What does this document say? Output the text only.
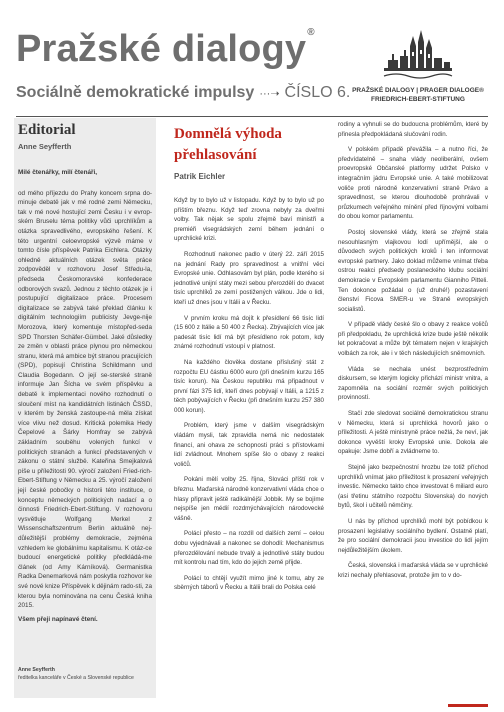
Pražské dialogy®
Sociálně demokratické impulsy ···➝ ČÍSLO 6. PRAŽSKÉ DIALOGY | PRAGER DIALOGE®
FRIEDRICH-EBERT-STIFTUNG
Editorial
Anne Seyfferth

Milé čtenářky, milí čtenáři,

od mého příjezdu do Prahy koncem srpna do-minuje debatě jak v mé rodné zemi Německu, tak v mé nové hostující zemi Česku i v evrop-ském Bruselu téma politiky vůči uprchlíkům a otázka spravedlivého, evropského řešení. K této urgentní celoevropské výzvě máme v tomto čísle příspěvek Patrika Eichlera. Otázky ohledně aktuálních otázek světa práce zodpověděl v rozhovoru Josef Středu-la, předseda Českomoravské konfederace odborových svazů. Jednou z těchto otázek je i postupující digitalizace práce. Procesem digitalizace se zabývá také překlad článku k digitálním technologiím publicisty Jevge-nije Morozova, který komentuje místopřed-seda SPD Thorsten Schäfer-Gümbel. Jaké důsledky ze změn v oblasti práce plynou pro německou stranu, která má ambice být stranou pracujících (SPD), popisují Christina Schildmann und Claudia Bogedann. O její se-sterské straně informuje Jan Šícha ve svém příspěvku a debatě k implementaci nového rozhodnutí o sloučení míst na kandidátních listinách ČSSD, v kterém by ženská zastoupe-ná měla získat více vlivu než dosud. Kritická polemika Hedy Čepelové a Šárky Homfray se zabývá základním souběhu volených funkcí v politických stranách a funkcí představených v zákonu o státní službě. Kateřina Smejkalová píše u příležitosti 90. výročí založení Fried-rich-Ebert-Stiftung v Německu a 25. výročí založení její české pobočky o historii této instituce, o konceptu německých politických nadací a o činnosti Friedrich-Ebert-Stiftung. V rozhovoru vysvětluje Wolfgang Merkel z Wissenschaftszentrum Berlin aktuálně nej-důležitější problémy demokracie, zejména vzhledem ke globálnímu kapitalismu. K otáz-ce budoucí energetické politiky předkládá-me článek (od Amy Kárníková). Germanistka Radka Denemarková nám poskytla rozhovor ke své nové knize Příspěvek k dějinám rado-sti, za kterou byla nominována na cenu Česká kniha 2015.

Všem přeji napínavé čtení.

Anne Seyfferth
ředitelka kanceláře v České a Slovenské republice
Domnělá výhoda přehlasování
Patrik Eichler

Když by to bylo už v listopadu. Když by to bylo už po příštím březnu. Když teď zrovna nebyly za dveřmi volby. Tak nějak se spolu zřejmě baví ministři a premiéři visegrádských zemí během jednání o uprchlické krizi.

Rozhodnutí nakonec padlo v úterý 22. září 2015 na jednání Rady pro spravedlnost a vnitřní věci Evropské unie. Odhlasovám byl plán, podle kterého si jednotlivé unijní státy mezi sebou přerozdělí do dvacet tisíc uprchlíků ze zemí postižených válkou. Jde o lidi, kteří už dnes jsou v Itálii a v Řecku.

V prvním kroku má dojít k přesídlení 66 tisíc lidí (15 600 z Itálie a 50 400 z Řecka). Zbývajících více jak padesát tisíc lidí má být přesídleno rok potom, kdy známé rozhodnutí vstoupí v platnost.

Na každého člověka dostane příslušný stát z rozpočtu EU částku 6000 euro (při dnešním kurzu 165 tisíc korun). Na Českou republiku má připadnout v první fázi 375 lidí, kteří dnes pobývají v Itálii, a 1215 z těch pobývajících v Řecku (při dnešním kurzu 257 380 000 korun).

Problém, který jsme v dalším visegrádským vládám mysli, tak zpravidla nemá nic nedostatek financí, ani ohava ze schopnosti práci s přístovkami lidí zvládnout. Mnohem spíše šlo o obavy z reakci voličů.

Pokáni mělí volby 25. října, Slováci příští rok v březnu. Maďarská národně konzervativní vláda chce o hlasy připravit ještě radikálnější Jobbik. My se bojíme nejspíše jen médií rozdmýchávajících národovecké vášně.

Polácí přesto – na rozdíl od dalších zemí – celou dobu vyjednávali a nakonec se dohodli: Mechanismus přerozdělování nebude trvalý a jednotlivé státy budou mít kontrolu nad tím, kdo do jejich země přijde.

Polácí to chtějí využít mimo jiné k tomu, aby ze sběrných táborů v Řecku a Itálii brali do Polska celé

rodiny a vyhnuli se do budoucna problémům, které by přinesla předpokládaná slučování rodin.

V polském případě převážila – a nutno říci, že předvídatelně – snaha vlády neoliberální, ovšem proevropské Občanské platformy udržet Polsko v integračním jádru Evropské unie. A také mobilizovat voliče proti národně konzervativní straně Právo a spravedlnost, se kterou dlouhodobě prohrávali v průzkumech veřejného mínění před říjnovými volbami do obou komor parlamentu.

Postoj slovenské vlády, která se zřejmě stala nesouhlasným vlajkovou lodí upřímější, ale o důvodech svých politických kroků i ten informovat evropské partnery. Jako doklad můžeme vnímat třeba ostrou reakci předsedy poslaneckého klubu sociální demokracie v Evropském parlamentu Gianniho Pitteli. Ten dokonce požádal o (už druhé!) pozastavení členství Ficova SMER-u ve Straně evropských socialistů.

V případě vlády české šlo o obavy z reakce voličů při předpokladu, že uprchlická krize bude ještě několik let pokračovat a může být tématem nejen v krajských volbách za rok, ale i v těch následujících sněmovních.

Vláda se nechala unést bezprostředním diskursem, se kterým logicky přichází ministr vnitra, a zapomněla na sociální rozměr svých politických provinností.

Stačí zde sledovat sociálně demokratickou stranu v Německu, která si uprchlická hovorů jako o příležitosti. A ještě ministryně práce nežlá, že neví, jak dokonce vyvěští kroky Evropské unie. Dokola ale opakuje: Jsme dobří a zvládneme to.

Stejně jako bezpečnostní hrozbu lze totiž příchod uprchlíků vnímat jako příležitost k prosazení veřejných investic. Německo takto chce investovat 6 miliard euro (asi třetinu státního rozpočtu Slovenska) do nových bytů, škol i učitelů němčiny.

U nás by příchod uprchlíků mohl být pobídkou k prosazení legislativy sociálního bydlení. Ostatně platí, že pro sociální demokracii jsou investice do lidí jejím nejdůležitějším úkolem.

Česká, slovenská i maďarská vláda se v uprchlické krizi nechaly přehlasovat, protože jim to v do-
